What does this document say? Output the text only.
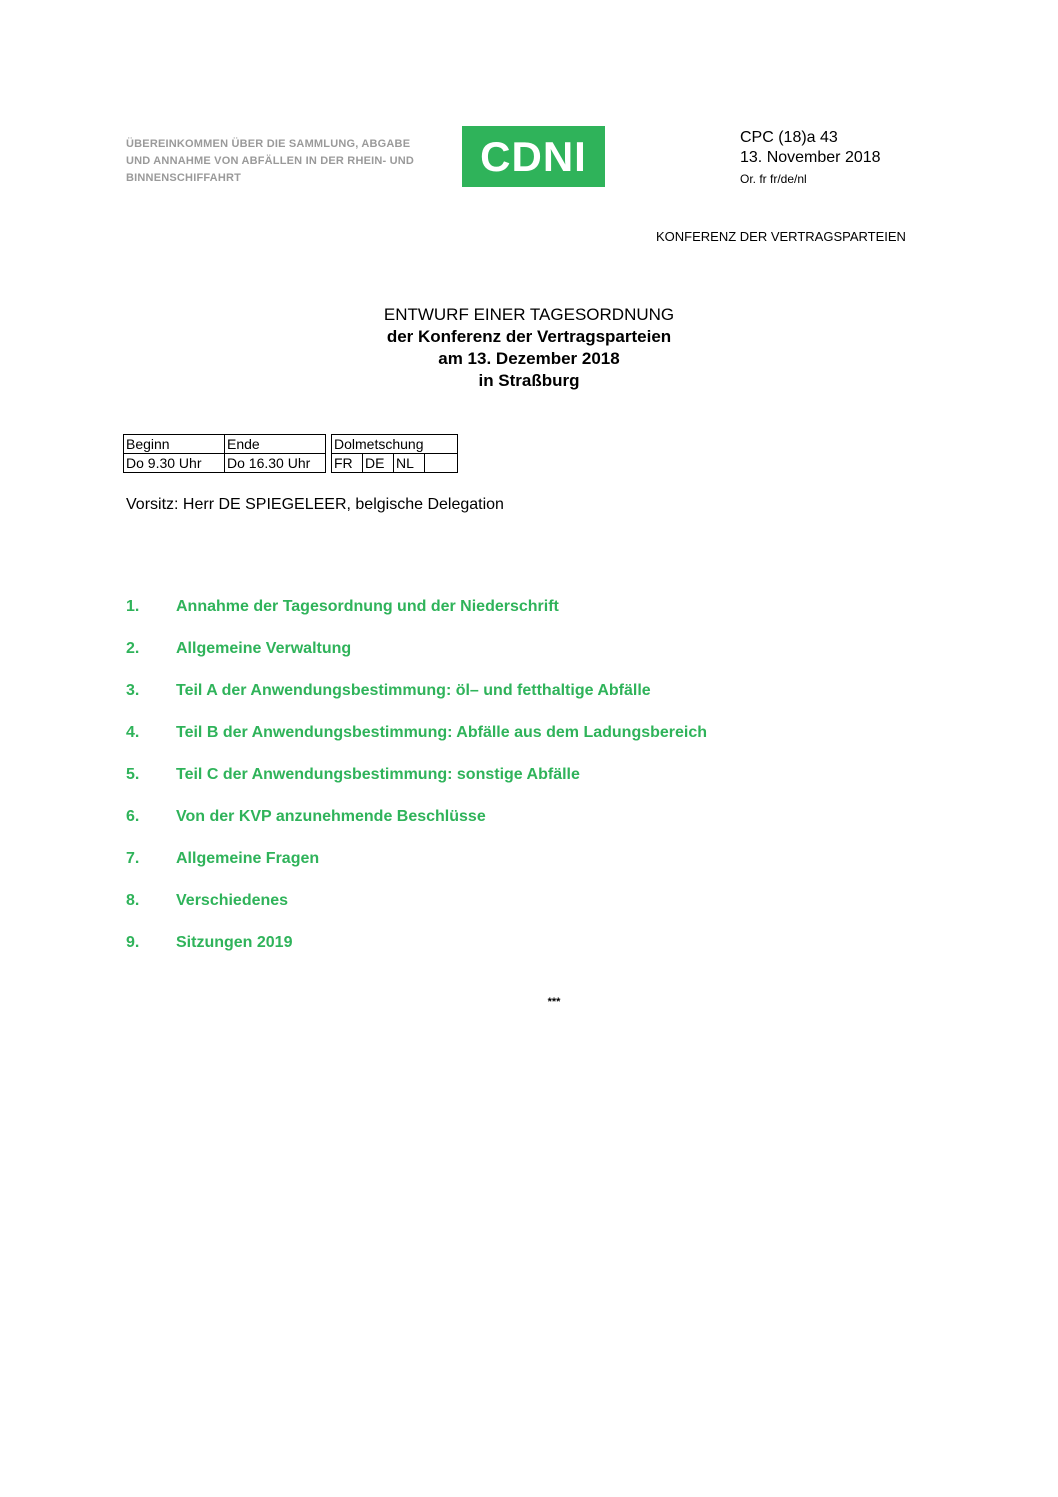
ÜBEREINKOMMEN ÜBER DIE SAMMLUNG, ABGABE
UND ANNAHME VON ABFÄLLEN IN DER RHEIN- UND
BINNENSCHIFFAHRT	CDNI	CPC (18)a 43
13. November 2018
Or. fr fr/de/nl
KONFERENZ DER VERTRAGSPARTEIEN
ENTWURF EINER TAGESORDNUNG
der Konferenz der Vertragsparteien
am 13. Dezember 2018
in Straßburg
Beginn	Ende		Dolmetschung			
Do 9.30 Uhr	Do 16.30 Uhr		FR	DE	NL	
Vorsitz: Herr DE SPIEGELEER, belgische Delegation
1.	Annahme der Tagesordnung und der Niederschrift
2.	Allgemeine Verwaltung
3.	Teil A der Anwendungsbestimmung: öl– und fetthaltige Abfälle
4.	Teil B der Anwendungsbestimmung: Abfälle aus dem Ladungsbereich
5.	Teil C der Anwendungsbestimmung: sonstige Abfälle
6.	Von der KVP anzunehmende Beschlüsse
7.	Allgemeine Fragen
8.	Verschiedenes
9.	Sitzungen 2019
***
